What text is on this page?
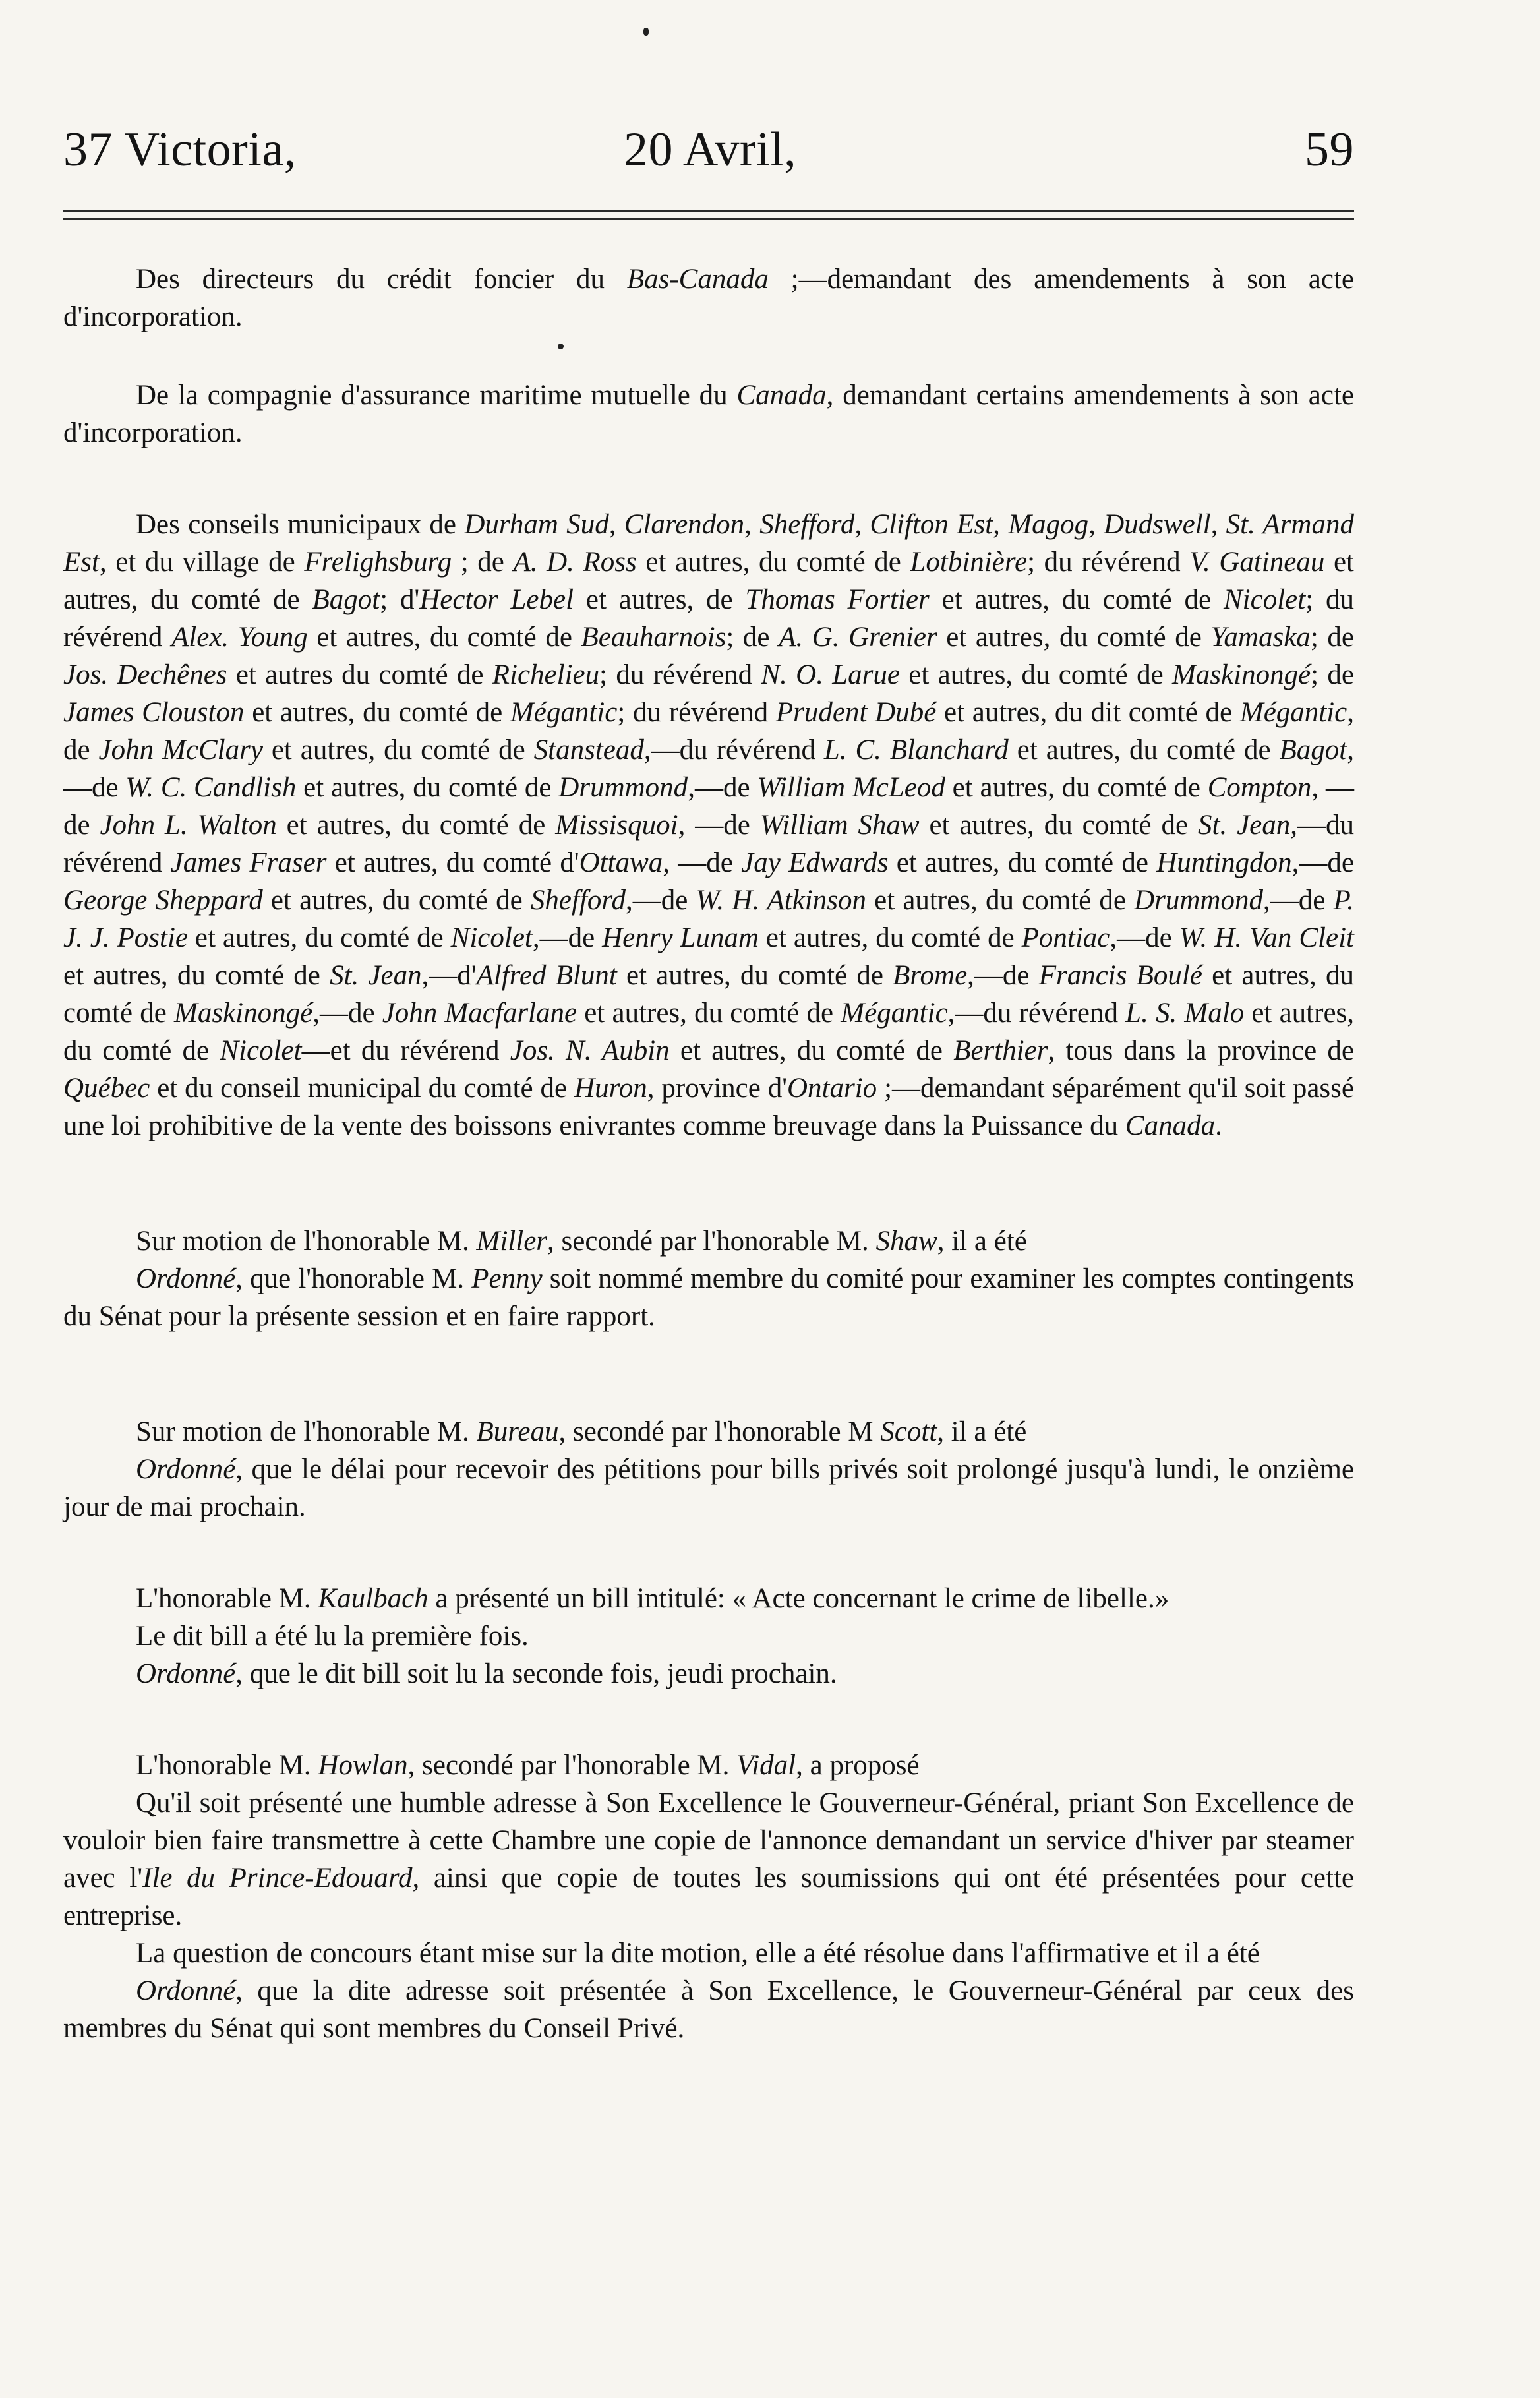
37 Victoria,	20 Avril,	59

Des directeurs du crédit foncier du Bas-Canada ;—demandant des amendements à son acte d'incorporation.

De la compagnie d'assurance maritime mutuelle du Canada, demandant certains amendements à son acte d'incorporation.

Des conseils municipaux de Durham Sud, Clarendon, Shefford, Clifton Est, Magog, Dudswell, St. Armand Est, et du village de Frelighsburg ; de A. D. Ross et autres, du comté de Lotbinière; du révérend V. Gatineau et autres, du comté de Bagot; d'Hector Lebel et autres, de Thomas Fortier et autres, du comté de Nicolet; du révérend Alex. Young et autres, du comté de Beauharnois; de A. G. Grenier et autres, du comté de Yamaska; de Jos. Dechênes et autres du comté de Richelieu; du révérend N. O. Larue et autres, du comté de Maskinongé; de James Clouston et autres, du comté de Mégantic; du révérend Prudent Dubé et autres, du dit comté de Mégantic, de John McClary et autres, du comté de Stanstead,—du révérend L. C. Blanchard et autres, du comté de Bagot,—de W. C. Candlish et autres, du comté de Drummond,—de William McLeod et autres, du comté de Compton, —de John L. Walton et autres, du comté de Missisquoi, —de William Shaw et autres, du comté de St. Jean,—du révérend James Fraser et autres, du comté d'Ottawa, —de Jay Edwards et autres, du comté de Huntingdon,—de George Sheppard et autres, du comté de Shefford,—de W. H. Atkinson et autres, du comté de Drummond,—de P. J. J. Postie et autres, du comté de Nicolet,—de Henry Lunam et autres, du comté de Pontiac,—de W. H. Van Cleit et autres, du comté de St. Jean,—d'Alfred Blunt et autres, du comté de Brome,—de Francis Boulé et autres, du comté de Maskinongé,—de John Macfarlane et autres, du comté de Mégantic,—du révérend L. S. Malo et autres, du comté de Nicolet—et du révérend Jos. N. Aubin et autres, du comté de Berthier, tous dans la province de Québec et du conseil municipal du comté de Huron, province d'Ontario ;—demandant séparément qu'il soit passé une loi prohibitive de la vente des boissons enivrantes comme breuvage dans la Puissance du Canada.

Sur motion de l'honorable M. Miller, secondé par l'honorable M. Shaw, il a été

Ordonné, que l'honorable M. Penny soit nommé membre du comité pour examiner les comptes contingents du Sénat pour la présente session et en faire rapport.

Sur motion de l'honorable M. Bureau, secondé par l'honorable M Scott, il a été

Ordonné, que le délai pour recevoir des pétitions pour bills privés soit prolongé jusqu'à lundi, le onzième jour de mai prochain.

L'honorable M. Kaulbach a présenté un bill intitulé: « Acte concernant le crime de libelle.»

Le dit bill a été lu la première fois.

Ordonné, que le dit bill soit lu la seconde fois, jeudi prochain.

L'honorable M. Howlan, secondé par l'honorable M. Vidal, a proposé

Qu'il soit présenté une humble adresse à Son Excellence le Gouverneur-Général, priant Son Excellence de vouloir bien faire transmettre à cette Chambre une copie de l'annonce demandant un service d'hiver par steamer avec l'Ile du Prince-Edouard, ainsi que copie de toutes les soumissions qui ont été présentées pour cette entreprise.

La question de concours étant mise sur la dite motion, elle a été résolue dans l'affirmative et il a été

Ordonné, que la dite adresse soit présentée à Son Excellence, le Gouverneur-Général par ceux des membres du Sénat qui sont membres du Conseil Privé.
